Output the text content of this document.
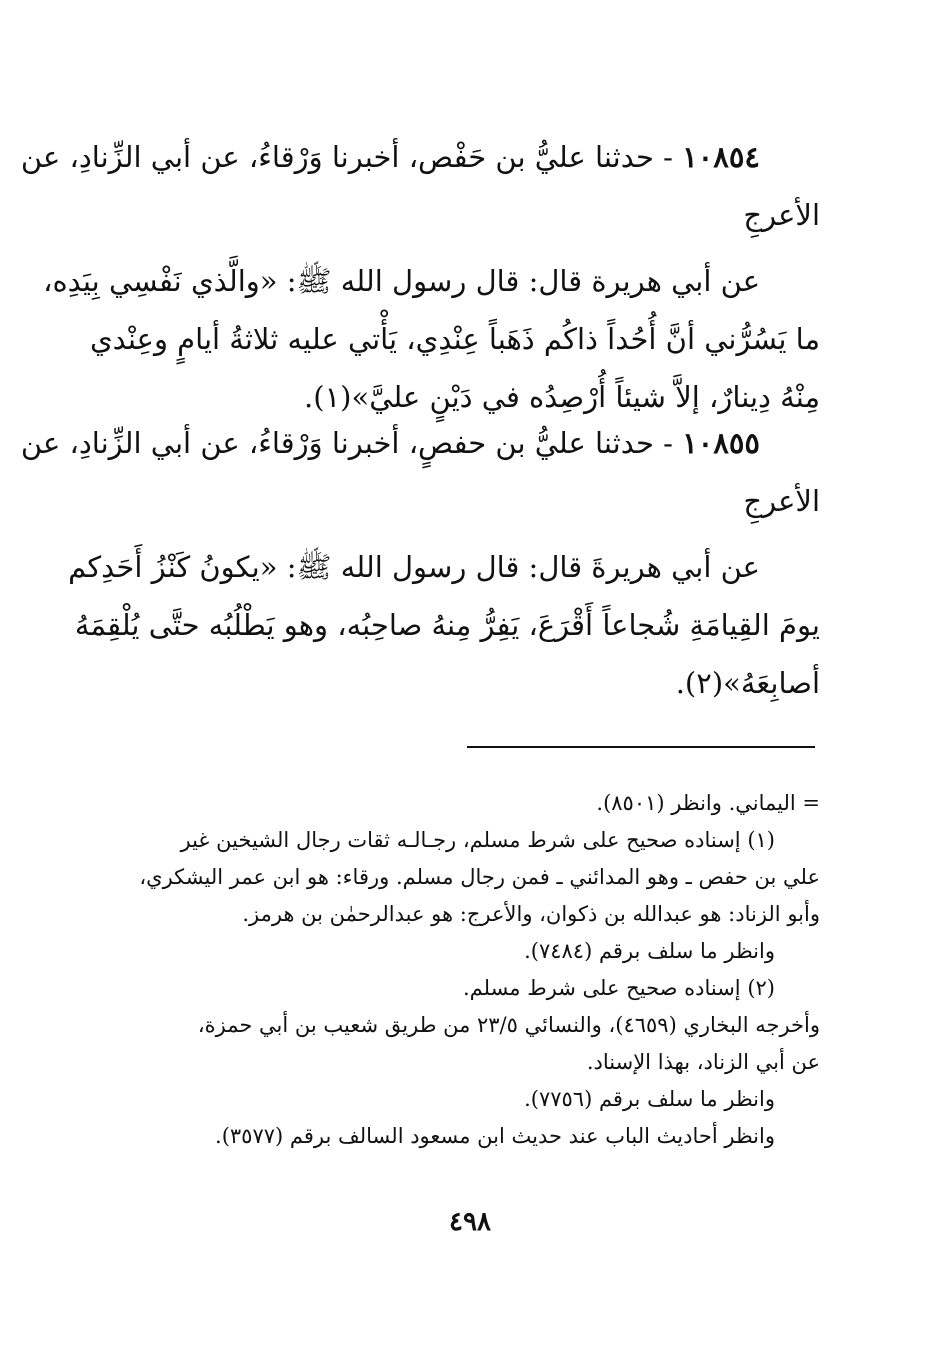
١٠٨٥٤ - حدثنا عليُّ بن حَفْص، أخبرنا وَرْقاءُ، عن أبي الزِّنادِ، عن
الأعرجِ
عن أبي هريرة قال: قال رسول الله ﷺ: «والَّذي نَفْسِي بِيَدِه،
ما يَسُرُّني أنَّ أُحُداً ذاكُم ذَهَباً عِنْدِي، يَأْتي عليه ثلاثةُ أيامٍ وعِنْدي
مِنْهُ دِينارٌ، إلاَّ شيئاً أُرْصِدُه في دَيْنٍ عليَّ»(١).
١٠٨٥٥ - حدثنا عليُّ بن حفصٍ، أخبرنا وَرْقاءُ، عن أبي الزِّنادِ، عن
الأعرجِ
عن أبي هريرةَ قال: قال رسول الله ﷺ: «يكونُ كَنْزُ أَحَدِكم
يومَ القِيامَةِ شُجاعاً أَقْرَعَ، يَفِرُّ مِنهُ صاحِبُه، وهو يَطْلُبُه حتَّى يُلْقِمَهُ
أصابِعَهُ»(٢).
= اليماني. وانظر (٨٥٠١).
(١) إسناده صحيح على شرط مسلم، رجـالـه ثقات رجال الشيخين غير
علي بن حفص ـ وهو المدائني ـ فمن رجال مسلم. ورقاء: هو ابن عمر اليشكري،
وأبو الزناد: هو عبدالله بن ذكوان، والأعرج: هو عبدالرحمٰن بن هرمز.
وانظر ما سلف برقم (٧٤٨٤).
(٢) إسناده صحيح على شرط مسلم.
وأخرجه البخاري (٤٦٥٩)، والنسائي ٢٣/٥ من طريق شعيب بن أبي حمزة،
عن أبي الزناد، بهذا الإسناد.
وانظر ما سلف برقم (٧٧٥٦).
وانظر أحاديث الباب عند حديث ابن مسعود السالف برقم (٣٥٧٧).
٤٩٨
